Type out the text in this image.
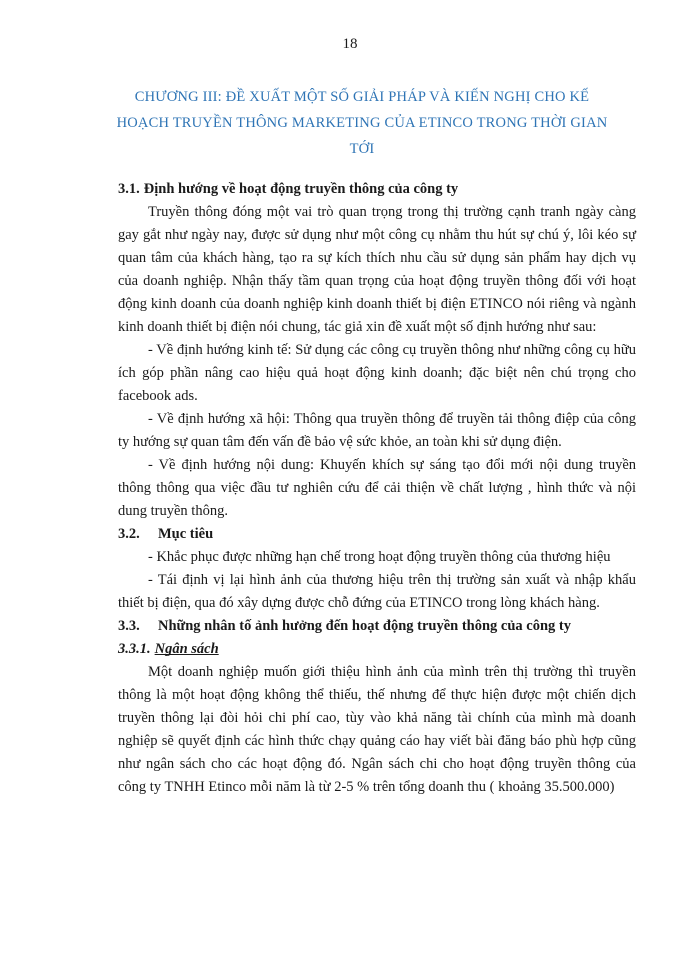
18
CHƯƠNG III: ĐỀ XUẤT MỘT SỐ GIẢI PHÁP VÀ KIẾN NGHỊ CHO KẾ HOẠCH TRUYỀN THÔNG MARKETING CỦA ETINCO TRONG THỜI GIAN TỚI

3.1. Định hướng về hoạt động truyền thông của công ty

Truyền thông đóng một vai trò quan trọng trong thị trường cạnh tranh ngày càng gay gắt như ngày nay, được sử dụng như một công cụ nhằm thu hút sự chú ý, lôi kéo sự quan tâm của khách hàng, tạo ra sự kích thích nhu cầu sử dụng sản phẩm hay dịch vụ của doanh nghiệp. Nhận thấy tầm quan trọng của hoạt động truyền thông đối với hoạt động kinh doanh của doanh nghiệp kinh doanh thiết bị điện ETINCO nói riêng và ngành kinh doanh thiết bị điện nói chung, tác giả xin đề xuất một số định hướng như sau:

- Về định hướng kinh tế: Sử dụng các công cụ truyền thông như những công cụ hữu ích góp phần nâng cao hiệu quả hoạt động kinh doanh; đặc biệt nên chú trọng cho facebook ads.

- Về định hướng xã hội: Thông qua truyền thông để truyền tải thông điệp của công ty hướng sự quan tâm đến vấn đề bảo vệ sức khỏe, an toàn khi sử dụng điện.

- Về định hướng nội dung: Khuyến khích sự sáng tạo đổi mới nội dung truyền thông thông qua việc đầu tư nghiên cứu để cải thiện về chất lượng , hình thức và nội dung truyền thông.

3.2. Mục tiêu

- Khắc phục được những hạn chế trong hoạt động truyền thông của thương hiệu

- Tái định vị lại hình ảnh của thương hiệu trên thị trường sản xuất và nhập khẩu thiết bị điện, qua đó xây dựng được chỗ đứng của ETINCO trong lòng khách hàng.

3.3. Những nhân tố ảnh hưởng đến hoạt động truyền thông của công ty

3.3.1. Ngân sách

Một doanh nghiệp muốn giới thiệu hình ảnh của mình trên thị trường thì truyền thông là một hoạt động không thể thiếu, thế nhưng để thực hiện được một chiến dịch truyền thông lại đòi hỏi chi phí cao, tùy vào khả năng tài chính của mình mà doanh nghiệp sẽ quyết định các hình thức chạy quảng cáo hay viết bài đăng báo phù hợp cũng như ngân sách cho các hoạt động đó. Ngân sách chi cho hoạt động truyền thông của công ty TNHH Etinco mỗi năm là từ 2-5 % trên tổng doanh thu ( khoảng 35.500.000)
